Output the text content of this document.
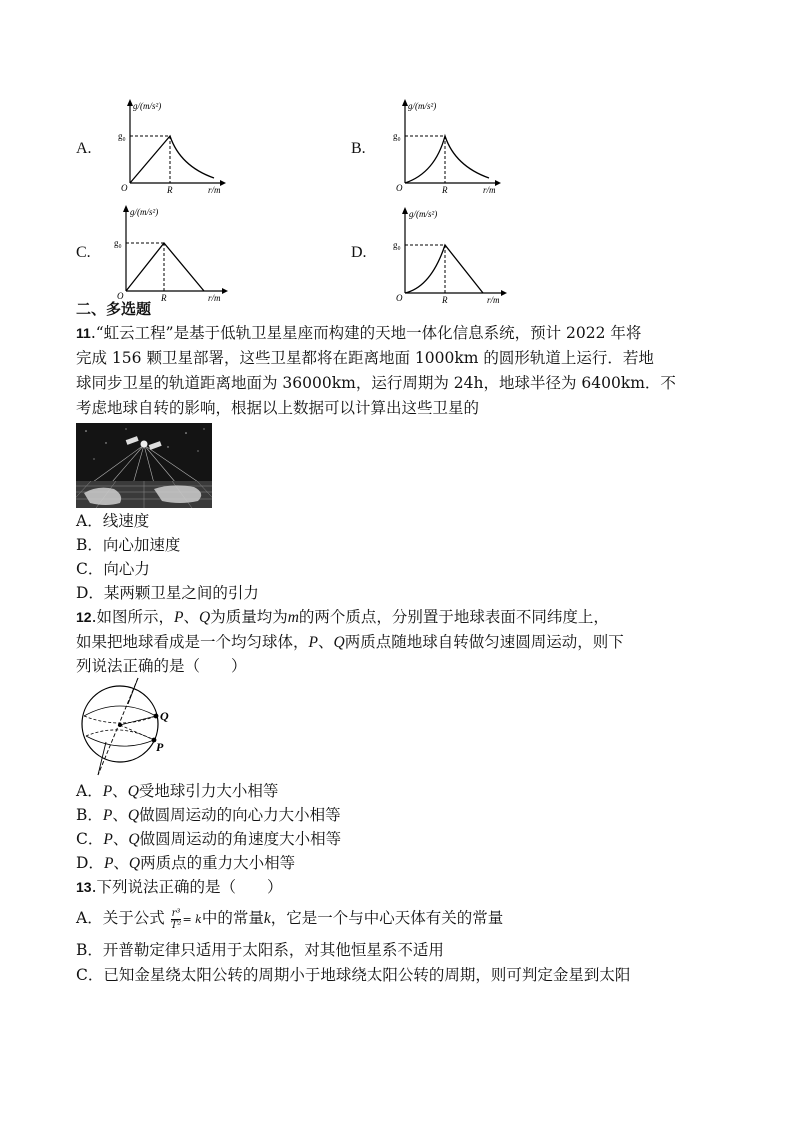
A.
g/(m/s²)
g₀
O	R	r/m
B.
g/(m/s²)
g₀
O	R	r/m
C.
g/(m/s²)
g₀
O	R	r/m
D.
g/(m/s²)
g₀
O	R	r/m
二、多选题
11.“虹云工程”是基于低轨卫星星座而构建的天地一体化信息系统，预计 2022 年将
完成 156 颗卫星部署，这些卫星都将在距离地面 1000km 的圆形轨道上运行．若地
球同步卫星的轨道距离地面为 36000km，运行周期为 24h，地球半径为 6400km．不
考虑地球自转的影响，根据以上数据可以计算出这些卫星的
A．线速度
B．向心加速度
C．向心力
D．某两颗卫星之间的引力
12.如图所示，P、Q为质量均为m的两个质点，分别置于地球表面不同纬度上，
如果把地球看成是一个均匀球体，P、Q两质点随地球自转做匀速圆周运动，则下
列说法正确的是（　　）
Q
P
A．P、Q受地球引力大小相等
B．P、Q做圆周运动的向心力大小相等
C．P、Q做圆周运动的角速度大小相等
D．P、Q两质点的重力大小相等
13.下列说法正确的是（　　）
A．关于公式 $\frac{\text{r³}}{\text{T²}} = k$中的常量k，它是一个与中心天体有关的常量
B．开普勒定律只适用于太阳系，对其他恒星系不适用
C．已知金星绕太阳公转的周期小于地球绕太阳公转的周期，则可判定金星到太阳
